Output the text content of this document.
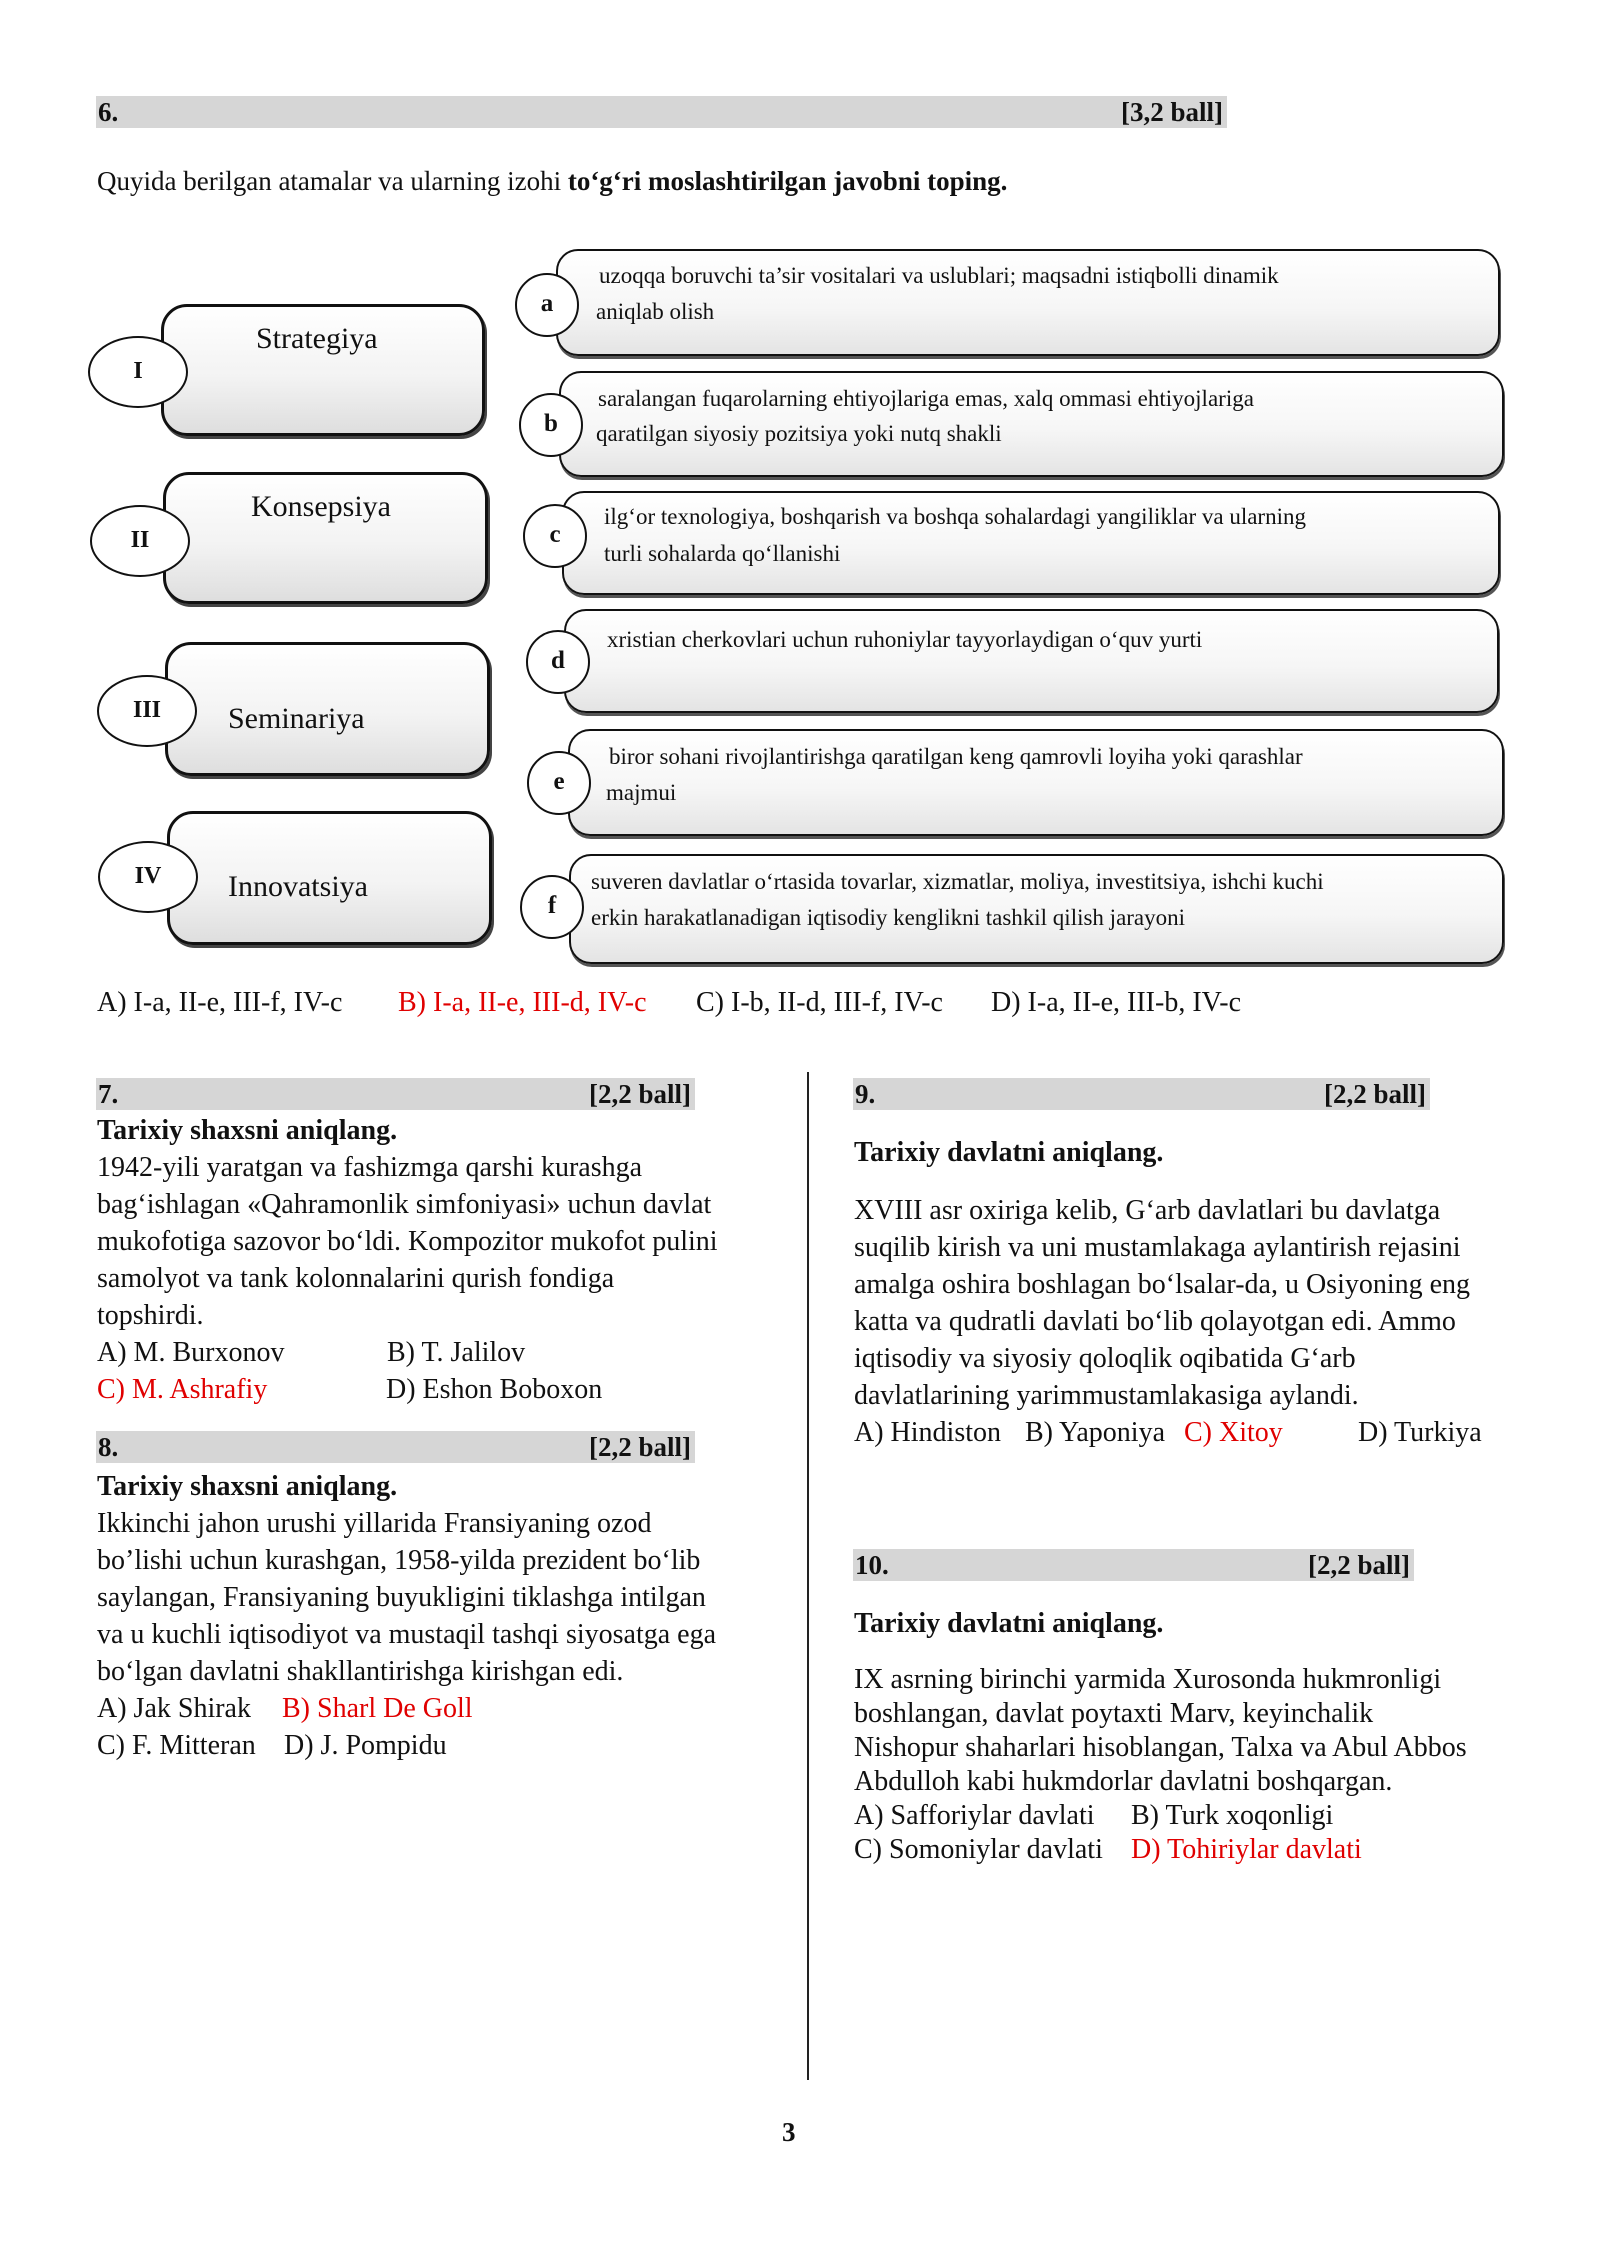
6.	[3,2 ball]
Quyida berilgan atamalar va ularning izohi to‘g‘ri moslashtirilgan javobni toping.
Strategiya
I
Konsepsiya
II
Seminariya
III
Innovatsiya
IV
uzoqqa boruvchi ta’sir vositalari va uslublari; maqsadni istiqbolli dinamik
aniqlab olish
a
saralangan fuqarolarning ehtiyojlariga emas, xalq ommasi ehtiyojlariga
qaratilgan siyosiy pozitsiya yoki nutq shakli
b
ilg‘or texnologiya, boshqarish va boshqa sohalardagi yangiliklar va ularning
turli sohalarda qo‘llanishi
c
xristian cherkovlari uchun ruhoniylar tayyorlaydigan o‘quv yurti
d
biror sohani rivojlantirishga qaratilgan keng qamrovli loyiha yoki qarashlar
majmui
e
suveren davlatlar o‘rtasida tovarlar, xizmatlar, moliya, investitsiya, ishchi kuchi
erkin harakatlanadigan iqtisodiy kenglikni tashkil qilish jarayoni
f
A) I-a, II-e, III-f, IV-c B) I-a, II-e, III-d, IV-c C) I-b, II-d, III-f, IV-c D) I-a, II-e, III-b, IV-c
7.	[2,2 ball]
Tarixiy shaxsni aniqlang.
1942-yili yaratgan va fashizmga qarshi kurashga
bag‘ishlagan «Qahramonlik simfoniyasi» uchun davlat
mukofotiga sazovor bo‘ldi. Kompozitor mukofot pulini
samolyot va tank kolonnalarini qurish fondiga
topshirdi.
A) M. Burxonov	B) T. Jalilov
C) M. Ashrafiy	D) Eshon Boboxon
8.	[2,2 ball]
Tarixiy shaxsni aniqlang.
Ikkinchi jahon urushi yillarida Fransiyaning ozod
bo’lishi uchun kurashgan, 1958-yilda prezident bo‘lib
saylangan, Fransiyaning buyukligini tiklashga intilgan
va u kuchli iqtisodiyot va mustaqil tashqi siyosatga ega
bo‘lgan davlatni shakllantirishga kirishgan edi.
A) Jak Shirak B) Sharl De Goll
C) F. Mitteran D) J. Pompidu
9.	[2,2 ball]
Tarixiy davlatni aniqlang.
XVIII asr oxiriga kelib, G‘arb davlatlari bu davlatga
suqilib kirish va uni mustamlakaga aylantirish rejasini
amalga oshira boshlagan bo‘lsalar-da, u Osiyoning eng
katta va qudratli davlati bo‘lib qolayotgan edi. Ammo
iqtisodiy va siyosiy qoloqlik oqibatida G‘arb
davlatlarining yarimmustamlakasiga aylandi.
A) Hindiston B) Yaponiya C) Xitoy	D) Turkiya
10.	[2,2 ball]
Tarixiy davlatni aniqlang.
IX asrning birinchi yarmida Xurosonda hukmronligi
boshlangan, davlat poytaxti Marv, keyinchalik
Nishopur shaharlari hisoblangan, Talxa va Abul Abbos
Abdulloh kabi hukmdorlar davlatni boshqargan.
A) Safforiylar davlati B) Turk xoqonligi
C) Somoniylar davlati D) Tohiriylar davlati
3
